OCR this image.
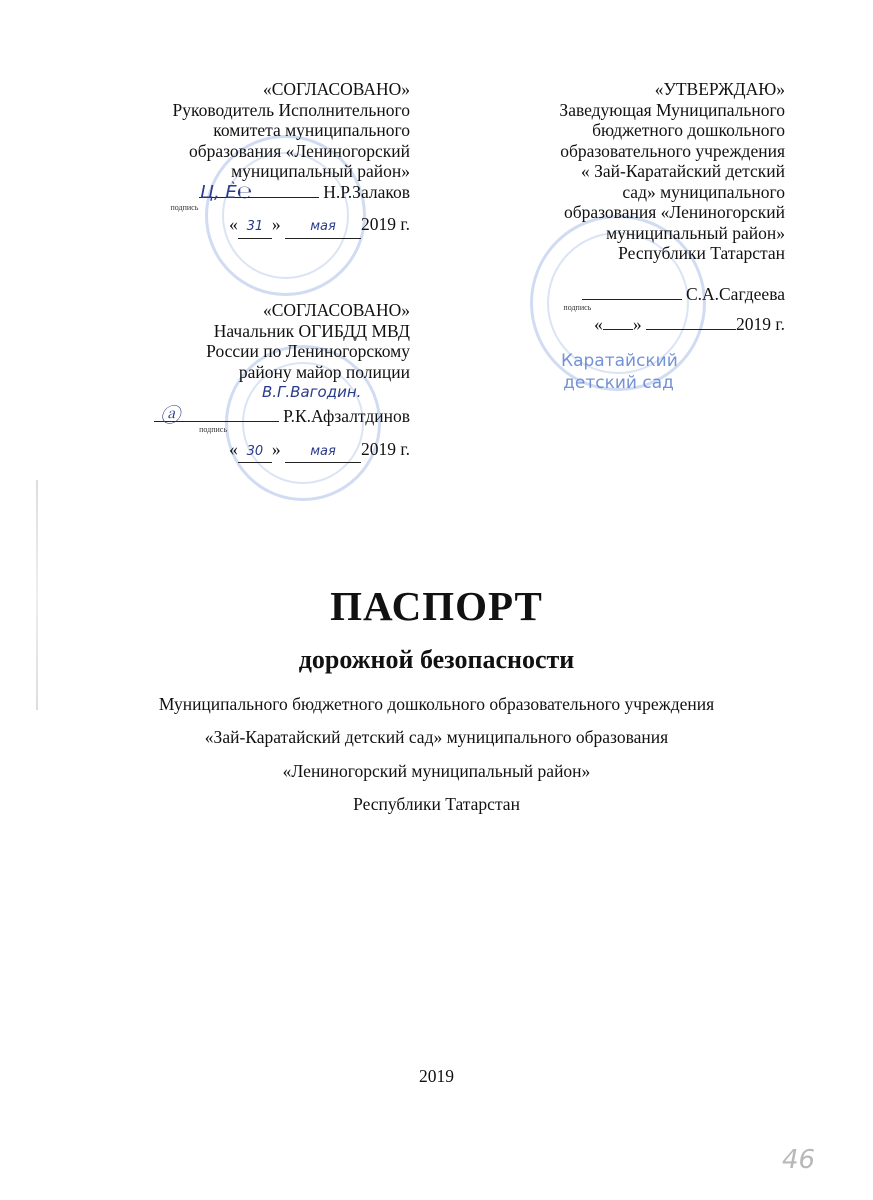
Каратайский детский сад
«СОГЛАСОВАНО»
Руководитель Исполнительного
комитета муниципального
образования «Лениногорский
муниципальный район»
Н.Р.Залаков
подпись
« 31 » мая 2019 г.
Ц, Ѐ℮
«СОГЛАСОВАНО»
Начальник ОГИБДД МВД
России по Лениногорскому
району майор полиции
Р.К.Афзалтдинов
подпись
« 30 » мая 2019 г.
ⓐ
В.Г.Вагодин.
«УТВЕРЖДАЮ»
Заведующая Муниципального
бюджетного дошкольного
образовательного учреждения
« Зай-Каратайский детский
сад» муниципального
образования «Лениногорский
муниципальный район»
Республики Татарстан
С.А.Сагдеева
подпись
« »	2019 г.
ПАСПОРТ
дорожной безопасности
Муниципального бюджетного дошкольного образовательного учреждения
«Зай-Каратайский детский сад» муниципального образования
«Лениногорский муниципальный район»
Республики Татарстан
2019
46
